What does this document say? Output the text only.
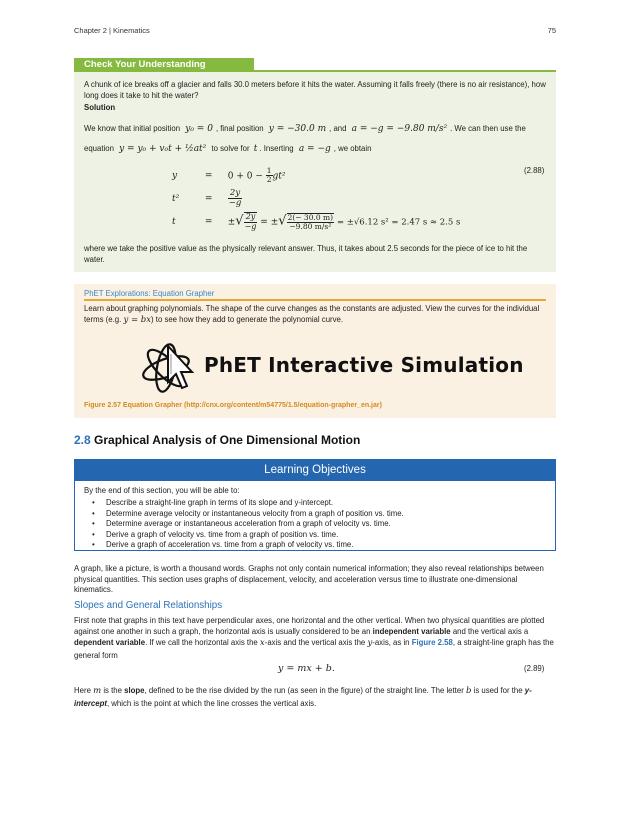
Chapter 2 | Kinematics	75
Check Your Understanding
A chunk of ice breaks off a glacier and falls 30.0 meters before it hits the water. Assuming it falls freely (there is no air resistance), how long does it take to hit the water?
Solution
We know that initial position y₀ = 0 , final position y = −30.0 m , and a = −g = −9.80 m/s² . We can then use the
equation y = y₀ + v₀t + ½at² to solve for t . Inserting a = −g , we obtain
(2.88)
y	= $0 + 0 - \frac{1}{2} gt^2$
t²	= $\frac{2y}{-g}$
t	= ±√ $\frac{2y}{-g}$ = ±√ $\frac{2(- 30.0 m)}{\text{−9.80 m/s²}} = \pm√6.12$ s² = 2.47 s ≈ 2.5 s
where we take the positive value as the physically relevant answer. Thus, it takes about 2.5 seconds for the piece of ice to hit the water.
PhET Explorations: Equation Grapher
Learn about graphing polynomials. The shape of the curve changes as the constants are adjusted. View the curves for the individual terms (e.g. y = bx) to see how they add to generate the polynomial curve.
PhET Interactive Simulation
Figure 2.57 Equation Grapher (http://cnx.org/content/m54775/1.5/equation-grapher_en.jar)
2.8 Graphical Analysis of One Dimensional Motion
Learning Objectives
By the end of this section, you will be able to:
• Describe a straight-line graph in terms of its slope and y-intercept.
• Determine average velocity or instantaneous velocity from a graph of position vs. time.
• Determine average or instantaneous acceleration from a graph of velocity vs. time.
• Derive a graph of velocity vs. time from a graph of position vs. time.
• Derive a graph of acceleration vs. time from a graph of velocity vs. time.
A graph, like a picture, is worth a thousand words. Graphs not only contain numerical information; they also reveal relationships between physical quantities. This section uses graphs of displacement, velocity, and acceleration versus time to illustrate one-dimensional kinematics.
Slopes and General Relationships
First note that graphs in this text have perpendicular axes, one horizontal and the other vertical. When two physical quantities are plotted against one another in such a graph, the horizontal axis is usually considered to be an independent variable and the vertical axis a dependent variable. If we call the horizontal axis the x-axis and the vertical axis the y-axis, as in Figure 2.58, a straight-line graph has the general form
y = mx + b.	(2.89)
Here m is the slope, defined to be the rise divided by the run (as seen in the figure) of the straight line. The letter b is used for the y-intercept, which is the point at which the line crosses the vertical axis.
